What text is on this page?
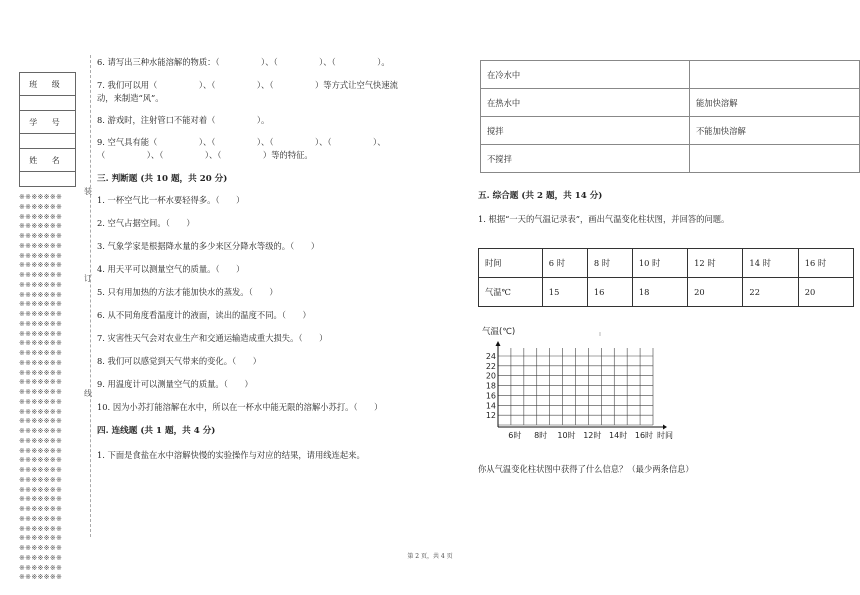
班 级

学 号

姓 名

※※※※※※※
※※※※※※※
※※※※※※※
※※※※※※※
※※※※※※※
※※※※※※※
※※※※※※※
※※※※※※※
※※※※※※※
※※※※※※※
※※※※※※※
※※※※※※※
※※※※※※※
※※※※※※※
※※※※※※※
※※※※※※※
※※※※※※※
※※※※※※※
※※※※※※※
※※※※※※※
※※※※※※※
※※※※※※※
※※※※※※※
※※※※※※※
※※※※※※※
※※※※※※※
※※※※※※※
※※※※※※※
※※※※※※※
※※※※※※※
※※※※※※※
※※※※※※※
※※※※※※※
※※※※※※※
※※※※※※※
※※※※※※※
※※※※※※※
※※※※※※※
※※※※※※※
※※※※※※※
装
订
线
6. 请写出三种水能溶解的物质：（　　　　　）、（　　　　　）、（　　　　　）。
7. 我们可以用（　　　　　）、（　　　　　）、（　　　　　）等方式让空气快速流
动，来制造“风”。
8. 游戏时，注射管口不能对着（　　　　　）。
9. 空气具有能（　　　　　）、（　　　　　）、（　　　　　）、（　　　　　）、
（　　　　　）、（　　　　　）、（　　　　　）等的特征。
三. 判断题 (共 10 题，共 20 分)
1. 一杯空气比一杯水要轻得多。（　　）
2. 空气占据空间。（　　）
3. 气象学家是根据降水量的多少来区分降水等级的。（　　）
4. 用天平可以测量空气的质量。（　　）
5. 只有用加热的方法才能加快水的蒸发。（　　）
6. 从不同角度看温度计的液面，读出的温度不同。（　　）
7. 灾害性天气会对农业生产和交通运输造成重大损失。（　　）
8. 我们可以感觉到天气带来的变化。（　　）
9. 用温度计可以测量空气的质量。（　　）
10. 因为小苏打能溶解在水中，所以在一杯水中能无限的溶解小苏打。（　　）
四. 连线题 (共 1 题，共 4 分)
1. 下面是食盐在水中溶解快慢的实验操作与对应的结果，请用线连起来。
在冷水中	
在热水中	能加快溶解
搅拌	不能加快溶解
不搅拌	
五. 综合题 (共 2 题，共 14 分)
1. 根据“一天的气温记录表”，画出气温变化柱状图，并回答的问题。
时间	6 时	8 时	10 时	12 时	14 时	16 时
气温℃	15	16	18	20	22	20
气温(℃)
24
22
20
18
16
14
12
6时 8时 10时 12时 14时 16时 时间
你从气温变化柱状图中获得了什么信息？（最少两条信息）
第 2 页，共 4 页
